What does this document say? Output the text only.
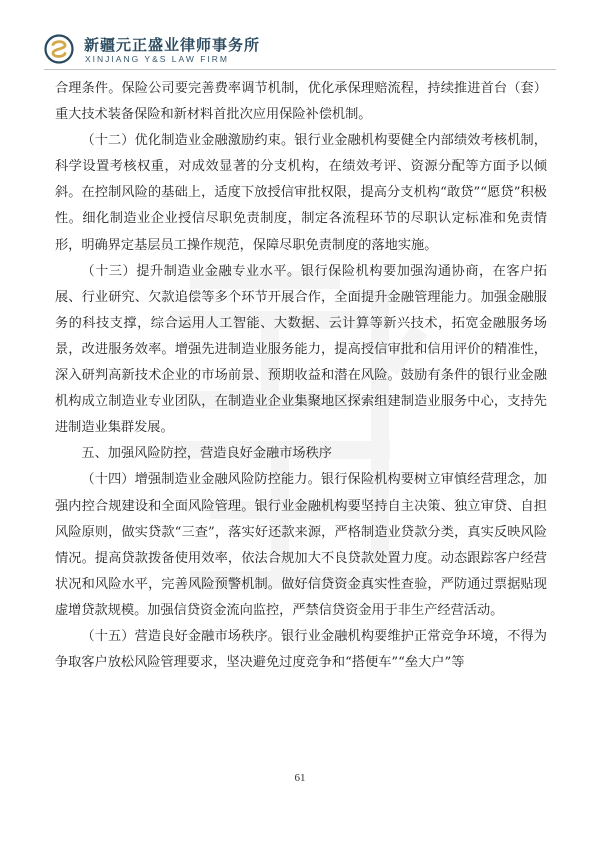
新疆元正盛业律师事务所
XINJIANG Y&S LAW FIRM

合理条件。保险公司要完善费率调节机制，优化承保理赔流程，持续推进首台（套）重大技术装备保险和新材料首批次应用保险补偿机制。

（十二）优化制造业金融激励约束。银行业金融机构要健全内部绩效考核机制，科学设置考核权重，对成效显著的分支机构，在绩效考评、资源分配等方面予以倾斜。在控制风险的基础上，适度下放授信审批权限，提高分支机构“敢贷”“愿贷”积极性。细化制造业企业授信尽职免责制度，制定各流程环节的尽职认定标准和免责情形，明确界定基层员工操作规范，保障尽职免责制度的落地实施。

（十三）提升制造业金融专业水平。银行保险机构要加强沟通协商，在客户拓展、行业研究、欠款追偿等多个环节开展合作，全面提升金融管理能力。加强金融服务的科技支撑，综合运用人工智能、大数据、云计算等新兴技术，拓宽金融服务场景，改进服务效率。增强先进制造业服务能力，提高授信审批和信用评价的精准性，深入研判高新技术企业的市场前景、预期收益和潜在风险。鼓励有条件的银行业金融机构成立制造业专业团队，在制造业企业集聚地区探索组建制造业服务中心，支持先进制造业集群发展。

五、加强风险防控，营造良好金融市场秩序

（十四）增强制造业金融风险防控能力。银行保险机构要树立审慎经营理念，加强内控合规建设和全面风险管理。银行业金融机构要坚持自主决策、独立审贷、自担风险原则，做实贷款“三查”，落实好还款来源，严格制造业贷款分类，真实反映风险情况。提高贷款拨备使用效率，依法合规加大不良贷款处置力度。动态跟踪客户经营状况和风险水平，完善风险预警机制。做好信贷资金真实性查验，严防通过票据贴现虚增贷款规模。加强信贷资金流向监控，严禁信贷资金用于非生产经营活动。

（十五）营造良好金融市场秩序。银行业金融机构要维护正常竞争环境，不得为争取客户放松风险管理要求，坚决避免过度竞争和“搭便车”“垒大户”等

61
